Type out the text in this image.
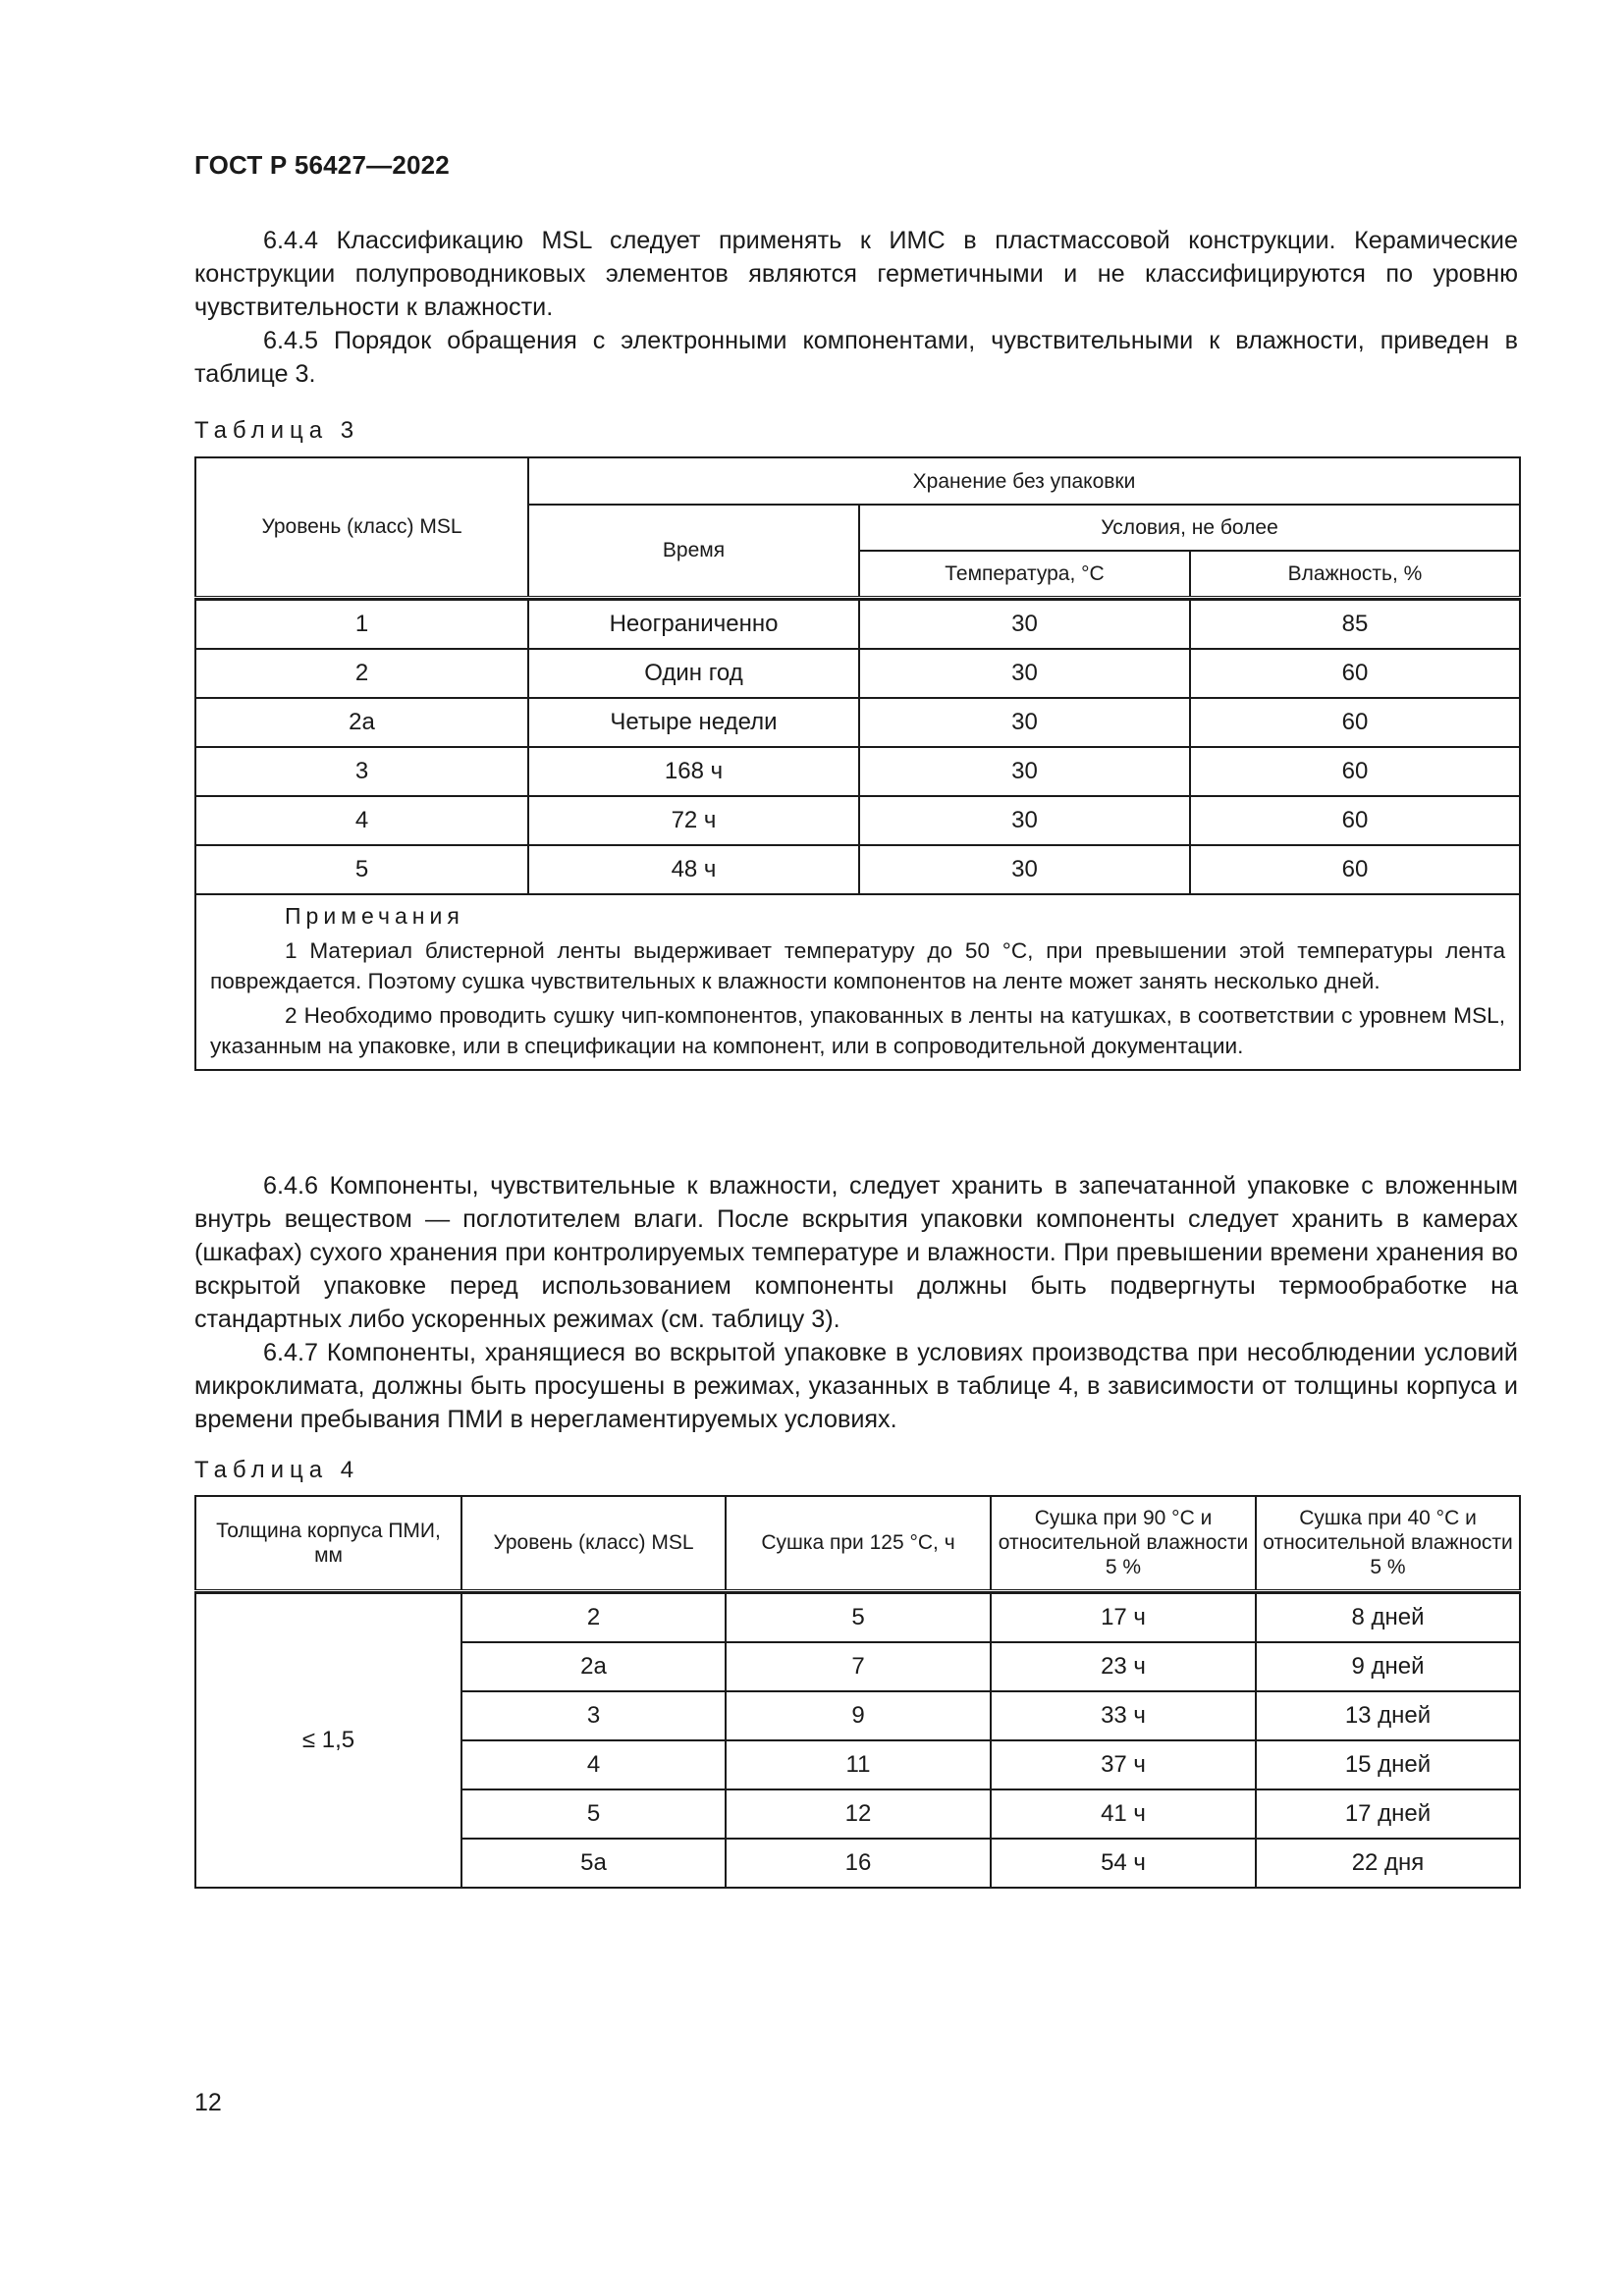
ГОСТ Р 56427—2022

6.4.4 Классификацию MSL следует применять к ИМС в пластмассовой конструкции. Керамические конструкции полупроводниковых элементов являются герметичными и не классифицируются по уровню чувствительности к влажности.

6.4.5 Порядок обращения с электронными компонентами, чувствительными к влажности, приведен в таблице 3.

Таблица 3
Уровень (класс) MSL	Хранение без упаковки		
	Время	Условия, не более	
		Температура, °С	Влажность, %

1	Неограниченно	30	85
2	Один год	30	60
2а	Четыре недели	30	60
3	168 ч	30	60
4	72 ч	30	60
5	48 ч	30	60

Примечания
1 Материал блистерной ленты выдерживает температуру до 50 °С, при превышении этой температуры лента повреждается. Поэтому сушка чувствительных к влажности компонентов на ленте может занять несколько дней.
2 Необходимо проводить сушку чип-компонентов, упакованных в ленты на катушках, в соответствии с уровнем MSL, указанным на упаковке, или в спецификации на компонент, или в сопроводительной документации.			

6.4.6 Компоненты, чувствительные к влажности, следует хранить в запечатанной упаковке с вложенным внутрь веществом — поглотителем влаги. После вскрытия упаковки компоненты следует хранить в камерах (шкафах) сухого хранения при контролируемых температуре и влажности. При превышении времени хранения во вскрытой упаковке перед использованием компоненты должны быть подвергнуты термообработке на стандартных либо ускоренных режимах (см. таблицу 3).

6.4.7 Компоненты, хранящиеся во вскрытой упаковке в условиях производства при несоблюдении условий микроклимата, должны быть просушены в режимах, указанных в таблице 4, в зависимости от толщины корпуса и времени пребывания ПМИ в нерегламентируемых условиях.

Таблица 4
Толщина корпуса ПМИ, мм	Уровень (класс) MSL	Сушка при 125 °С, ч	Сушка при 90 °С и относительной влажности 5 %	Сушка при 40 °С и относительной влажности 5 %

≤ 1,5	2	5	17 ч	8 дней
	2а	7	23 ч	9 дней
	3	9	33 ч	13 дней
	4	11	37 ч	15 дней
	5	12	41 ч	17 дней
	5а	16	54 ч	22 дня
12
